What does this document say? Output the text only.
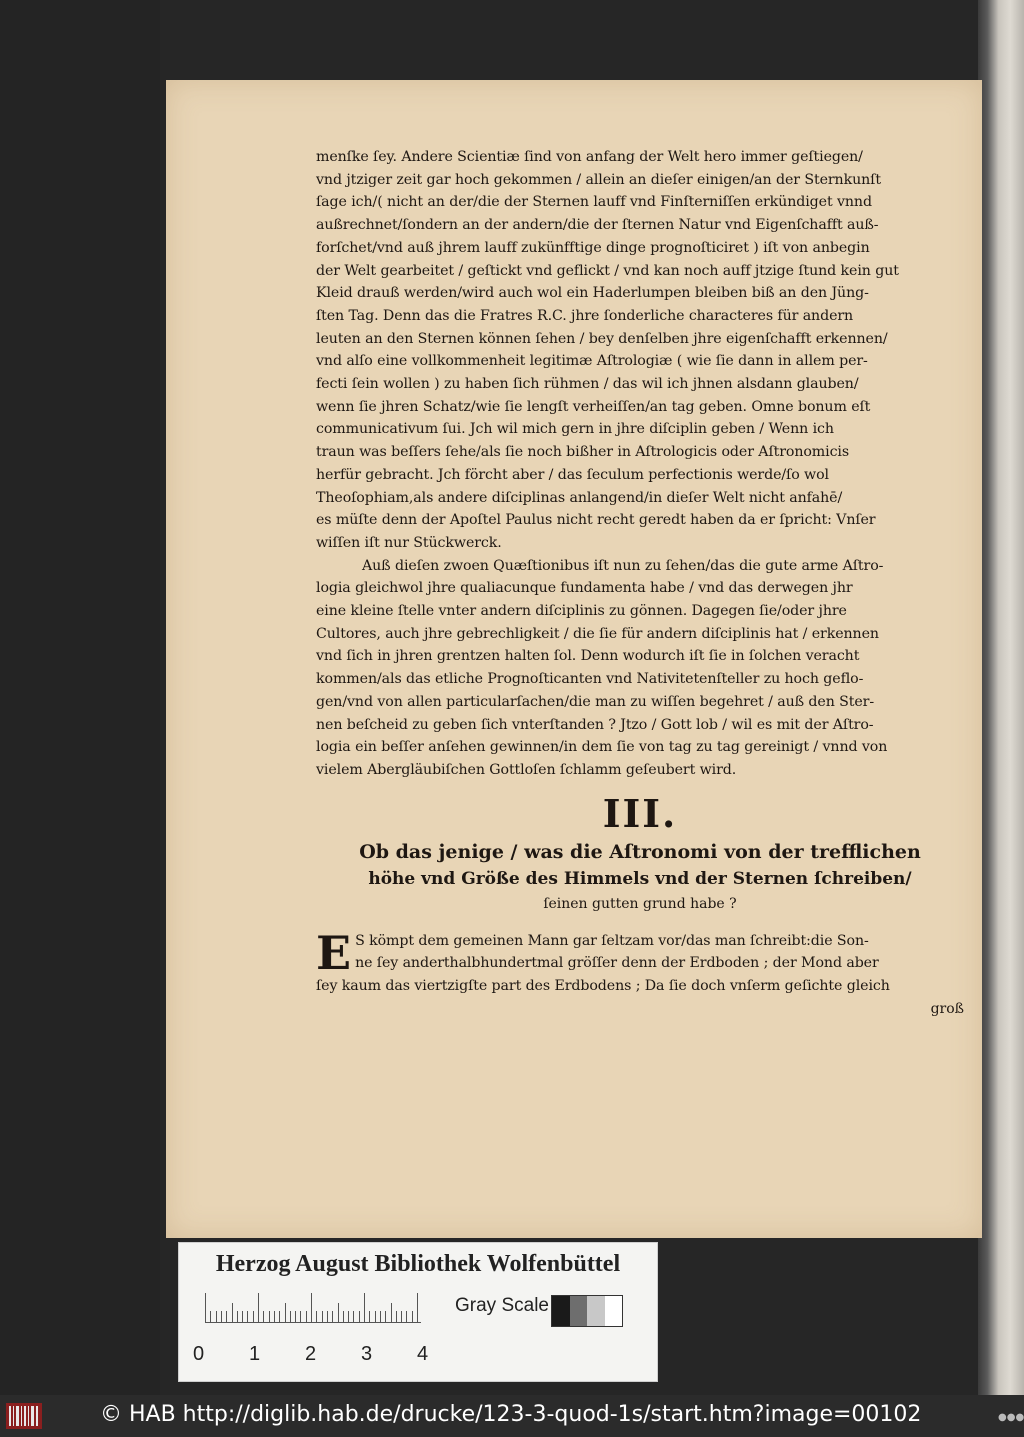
menſke ſey. Andere Scientiæ ſind von anfang der Welt hero immer geſtiegen/
vnd jtziger zeit gar hoch gekommen / allein an dieſer einigen/an der Sternkunſt
ſage ich/( nicht an der/die der Sternen lauff vnd Finſterniſſen erkündiget vnnd
außrechnet/ſondern an der andern/die der ſternen Natur vnd Eigenſchafft auß-
forſchet/vnd auß jhrem lauff zukünfftige dinge prognoſticiret ) iſt von anbegin
der Welt gearbeitet / geſtickt vnd geflickt / vnd kan noch auff jtzige ſtund kein gut
Kleid drauß werden/wird auch wol ein Haderlumpen bleiben biß an den Jüng-
ſten Tag. Denn das die Fratres R.C. jhre ſonderliche characteres für andern
leuten an den Sternen können ſehen / bey denſelben jhre eigenſchafft erkennen/
vnd alſo eine vollkommenheit legitimæ Aſtrologiæ ( wie ſie dann in allem per-
fecti ſein wollen ) zu haben ſich rühmen / das wil ich jhnen alsdann glauben/
wenn ſie jhren Schatz/wie ſie lengſt verheiſſen/an tag geben. Omne bonum eſt
communicativum ſui. Jch wil mich gern in jhre diſciplin geben / Wenn ich
traun was beſſers ſehe/als ſie noch bißher in Aſtrologicis oder Aſtronomicis
herfür gebracht. Jch förcht aber / das ſeculum perfectionis werde/ſo wol
Theoſophiam,als andere diſciplinas anlangend/in dieſer Welt nicht anfahē/
es müſte denn der Apoſtel Paulus nicht recht geredt haben da er ſpricht: Vnſer
wiſſen iſt nur Stückwerck.
Auß dieſen zwoen Quæſtionibus iſt nun zu ſehen/das die gute arme Aſtro-
logia gleichwol jhre qualiacunque fundamenta habe / vnd das derwegen jhr
eine kleine ſtelle vnter andern diſciplinis zu gönnen. Dagegen ſie/oder jhre
Cultores, auch jhre gebrechligkeit / die ſie für andern diſciplinis hat / erkennen
vnd ſich in jhren grentzen halten ſol. Denn wodurch iſt ſie in ſolchen veracht
kommen/als das etliche Prognoſticanten vnd Nativitetenſteller zu hoch geflo-
gen/vnd von allen particularſachen/die man zu wiſſen begehret / auß den Ster-
nen beſcheid zu geben ſich vnterſtanden ? Jtzo / Gott lob / wil es mit der Aſtro-
logia ein beſſer anſehen gewinnen/in dem ſie von tag zu tag gereinigt / vnnd von
vielem Abergläubiſchen Gottloſen ſchlamm geſeubert wird.
III.
Ob das jenige / was die Aſtronomi von der trefflichen
höhe vnd Größe des Himmels vnd der Sternen ſchreiben/
ſeinen gutten grund habe ?
E S kömpt dem gemeinen Mann gar ſeltzam vor/das man ſchreibt:die Son-
ne ſey anderthalbhundertmal gröſſer denn der Erdboden ; der Mond aber
ſey kaum das viertzigſte part des Erdbodens ; Da ſie doch vnſerm geſichte gleich
groß
Herzog August Bibliothek Wolfenbüttel
0 1 2 3 4
Gray Scale
© HAB http://diglib.hab.de/drucke/123-3-quod-1s/start.htm?image=00102	●●●
